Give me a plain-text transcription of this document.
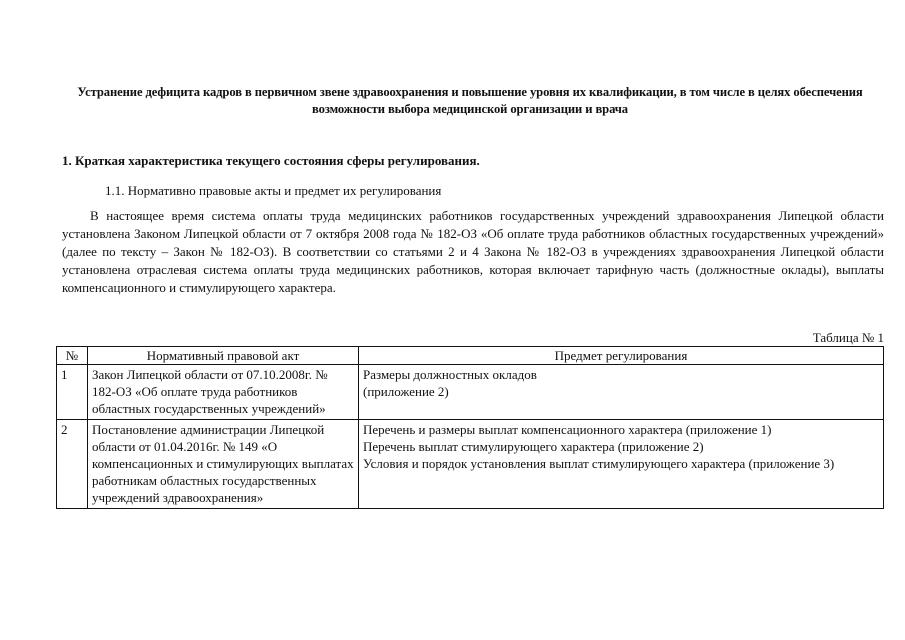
Устранение дефицита кадров в первичном звене здравоохранения и повышение уровня их квалификации, в том числе в целях обеспечения возможности выбора медицинской организации и врача

1. Краткая характеристика текущего состояния сферы регулирования.

1.1. Нормативно правовые акты и предмет их регулирования

В настоящее время система оплаты труда медицинских работников государственных учреждений здравоохранения Липецкой области установлена Законом Липецкой области от 7 октября 2008 года № 182-ОЗ «Об оплате труда работников областных государственных учреждений» (далее по тексту – Закон № 182-ОЗ). В соответствии со статьями 2 и 4 Закона № 182-ОЗ в учреждениях здравоохранения Липецкой области установлена отраслевая система оплаты труда медицинских работников, которая включает тарифную часть (должностные оклады), выплаты компенсационного и стимулирующего характера.

Таблица № 1

№	Нормативный правовой акт	Предмет регулирования
1	Закон Липецкой области от 07.10.2008г. № 182-ОЗ «Об оплате труда работников областных государственных учреждений»	Размеры должностных окладов
(приложение 2)

2	Постановление администрации Липецкой области от 01.04.2016г. № 149 «О компенсационных и стимулирующих выплатах работникам областных государственных учреждений здравоохранения»	Перечень и размеры выплат компенсационного характера (приложение 1)
Перечень выплат стимулирующего характера (приложение 2)
Условия и порядок установления выплат стимулирующего характера (приложение 3)
